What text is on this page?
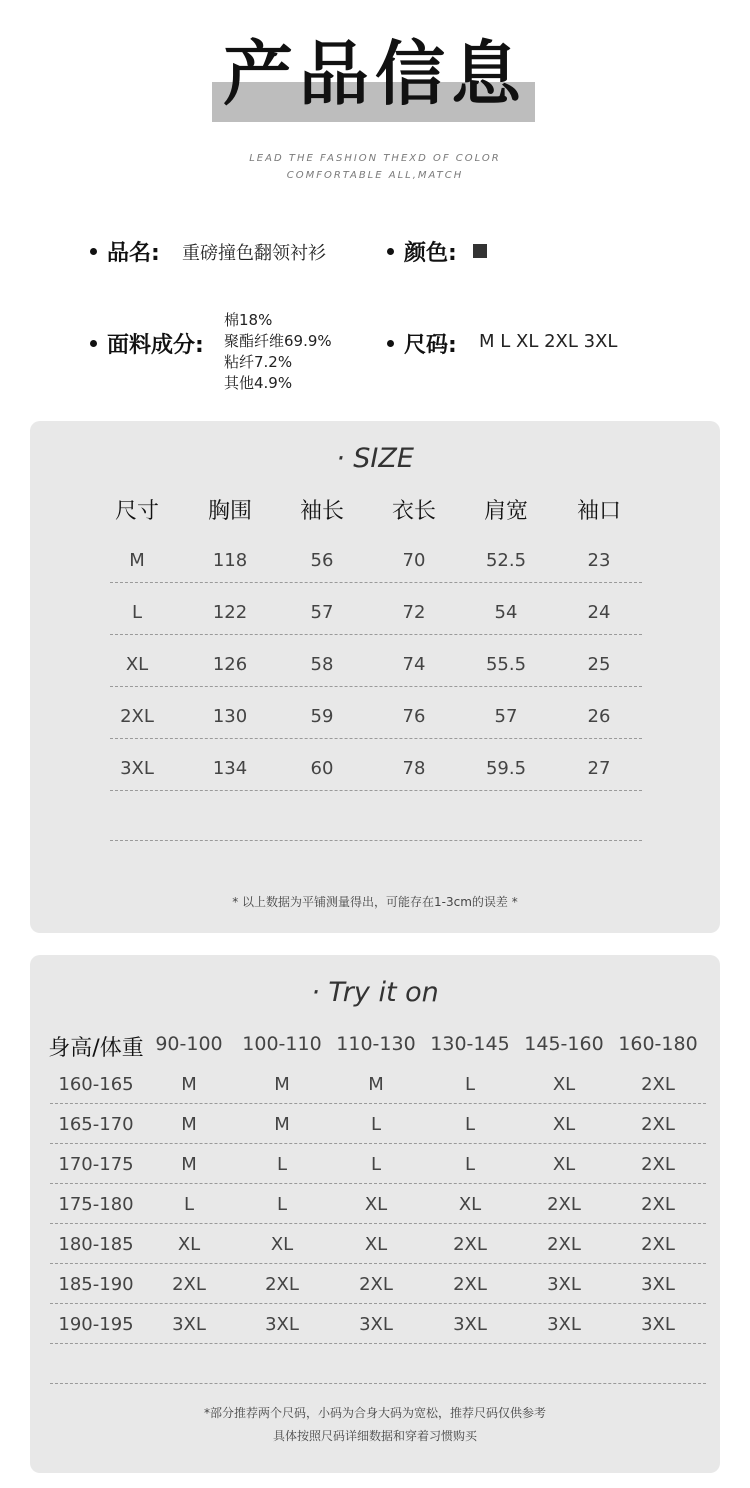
产品信息
LEAD THE FASHION THEXD OF COLOR
COMFORTABLE ALL,MATCH
品名: 重磅撞色翻领衬衫	颜色:
面料成分:
棉18%
聚酯纤维69.9%
粘纤7.2%
其他4.9%
尺码: M L XL 2XL 3XL
· SIZE
* 以上数据为平铺测量得出，可能存在1-3cm的误差 *
尺寸	胸围	袖长	衣长	肩宽	袖口
M	118	56	70	52.5	23
L	122	57	72	54	24
XL	126	58	74	55.5	25
2XL	130	59	76	57	26
3XL	134	60	78	59.5	27
· Try it on
*部分推荐两个尺码，小码为合身大码为宽松，推荐尺码仅供参考
具体按照尺码详细数据和穿着习惯购买
身高/体重 90-100	100-110 110-130 130-145 145-160 160-180
160-165	M	M	M	L	XL	2XL
165-170	M	M	L	L	XL	2XL
170-175	M	L	L	L	XL	2XL
175-180	L	L	XL	XL	2XL	2XL
180-185	XL	XL	XL	2XL	2XL	2XL
185-190	2XL	2XL	2XL	2XL	3XL	3XL
190-195	3XL	3XL	3XL	3XL	3XL	3XL
